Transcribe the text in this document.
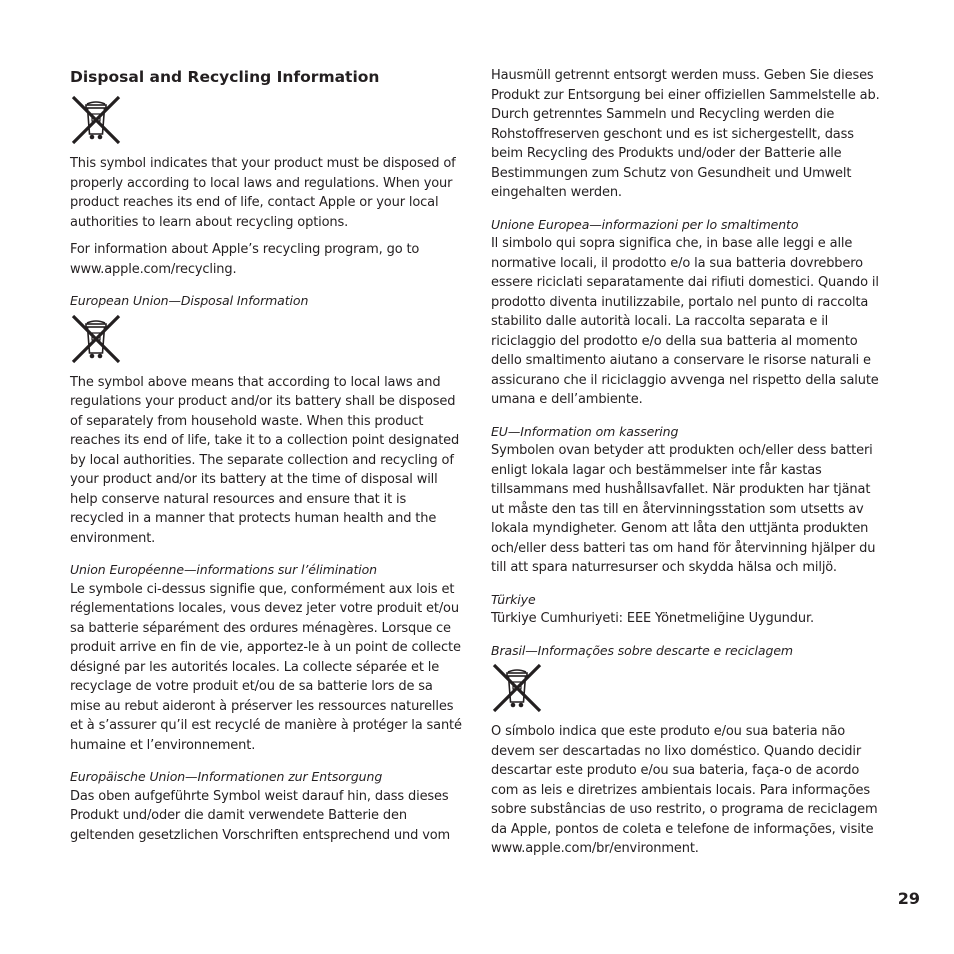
Disposal and Recycling Information

This symbol indicates that your product must be disposed of properly according to local laws and regulations. When your product reaches its end of life, contact Apple or your local authorities to learn about recycling options.

For information about Apple’s recycling program, go to www.apple.com/recycling.

European Union—Disposal Information

The symbol above means that according to local laws and regulations your product and/or its battery shall be disposed of separately from household waste. When this product reaches its end of life, take it to a collection point designated by local authorities. The separate collection and recycling of your product and/or its battery at the time of disposal will help conserve natural resources and ensure that it is recycled in a manner that protects human health and the environment.

Union Européenne—informations sur l’élimination

Le symbole ci-dessus signifie que, conformément aux lois et réglementations locales, vous devez jeter votre produit et/ou sa batterie séparément des ordures ménagères. Lorsque ce produit arrive en fin de vie, apportez-le à un point de collecte désigné par les autorités locales. La collecte séparée et le recyclage de votre produit et/ou de sa batterie lors de sa mise au rebut aideront à préserver les ressources naturelles et à s’assurer qu’il est recyclé de manière à protéger la santé humaine et l’environnement.

Europäische Union—Informationen zur Entsorgung

Das oben aufgeführte Symbol weist darauf hin, dass dieses Produkt und/oder die damit verwendete Batterie den geltenden gesetzlichen Vorschriften entsprechend und vom

Hausmüll getrennt entsorgt werden muss. Geben Sie dieses Produkt zur Entsorgung bei einer offiziellen Sammelstelle ab. Durch getrenntes Sammeln und Recycling werden die Rohstoffreserven geschont und es ist sichergestellt, dass beim Recycling des Produkts und/oder der Batterie alle Bestimmungen zum Schutz von Gesundheit und Umwelt eingehalten werden.

Unione Europea—informazioni per lo smaltimento

Il simbolo qui sopra significa che, in base alle leggi e alle normative locali, il prodotto e/o la sua batteria dovrebbero essere riciclati separatamente dai rifiuti domestici. Quando il prodotto diventa inutilizzabile, portalo nel punto di raccolta stabilito dalle autorità locali. La raccolta separata e il riciclaggio del prodotto e/o della sua batteria al momento dello smaltimento aiutano a conservare le risorse naturali e assicurano che il riciclaggio avvenga nel rispetto della salute umana e dell’ambiente.

EU—Information om kassering

Symbolen ovan betyder att produkten och/eller dess batteri enligt lokala lagar och bestämmelser inte får kastas tillsammans med hushållsavfallet. När produkten har tjänat ut måste den tas till en återvinningsstation som utsetts av lokala myndigheter. Genom att låta den uttjänta produkten och/eller dess batteri tas om hand för återvinning hjälper du till att spara naturresurser och skydda hälsa och miljö.

Türkiye

Türkiye Cumhuriyeti: EEE Yönetmeliğine Uygundur.

Brasil—Informações sobre descarte e reciclagem

O símbolo indica que este produto e/ou sua bateria não devem ser descartadas no lixo doméstico. Quando decidir descartar este produto e/ou sua bateria, faça-o de acordo com as leis e diretrizes ambientais locais. Para informações sobre substâncias de uso restrito, o programa de reciclagem da Apple, pontos de coleta e telefone de informações, visite www.apple.com/br/environment.

29
